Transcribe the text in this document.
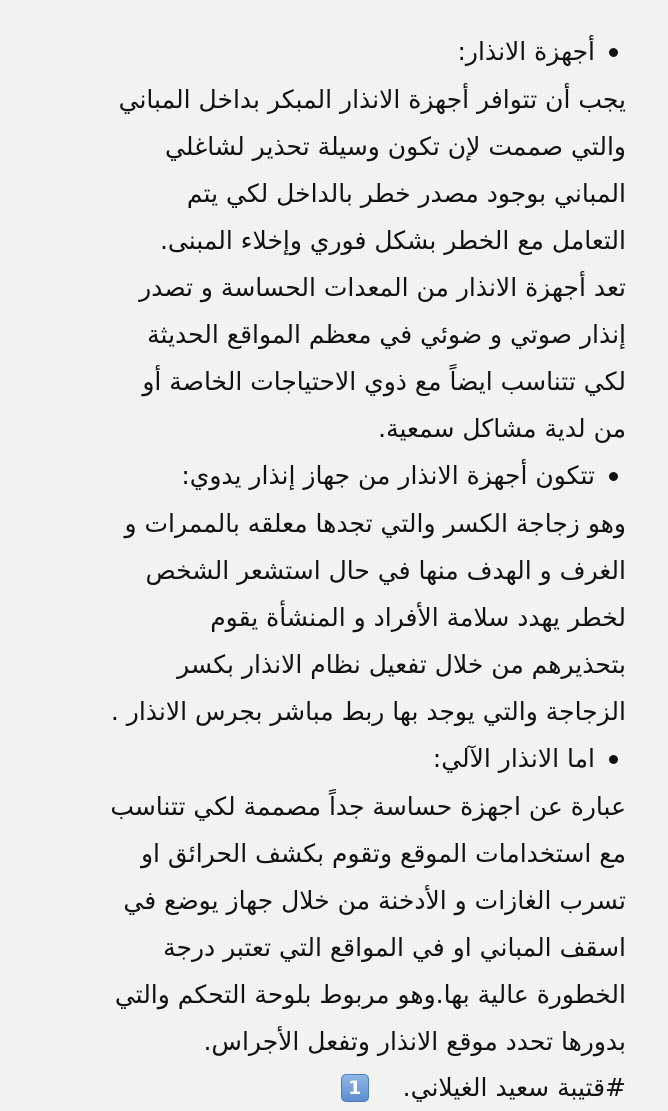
أجهزة الانذار:
يجب أن تتوافر أجهزة الانذار المبكر بداخل المباني
والتي صممت لإن تكون وسيلة تحذير لشاغلي
المباني بوجود مصدر خطر بالداخل لكي يتم
التعامل مع الخطر بشكل فوري وإخلاء المبنى.
تعد أجهزة الانذار من المعدات الحساسة و تصدر
إنذار صوتي و ضوئي في معظم المواقع الحديثة
لكي تتناسب ايضاً مع ذوي الاحتياجات الخاصة أو
من لدية مشاكل سمعية.
تتكون أجهزة الانذار من جهاز إنذار يدوي:
وهو زجاجة الكسر والتي تجدها معلقه بالممرات و
الغرف و الهدف منها في حال استشعر الشخص
لخطر يهدد سلامة الأفراد و المنشأة يقوم
بتحذيرهم من خلال تفعيل نظام الانذار بكسر
الزجاجة والتي يوجد بها ربط مباشر بجرس الانذار .
اما الانذار الآلي:
عبارة عن اجهزة حساسة جداً مصممة لكي تتناسب
مع استخدامات الموقع وتقوم بكشف الحرائق او
تسرب الغازات و الأدخنة من خلال جهاز يوضع في
اسقف المباني او في المواقع التي تعتبر درجة
الخطورة عالية بها.وهو مربوط بلوحة التحكم والتي
بدورها تحدد موقع الانذار وتفعل الأجراس.
#قتيبة سعيد الغيلاني.
1
